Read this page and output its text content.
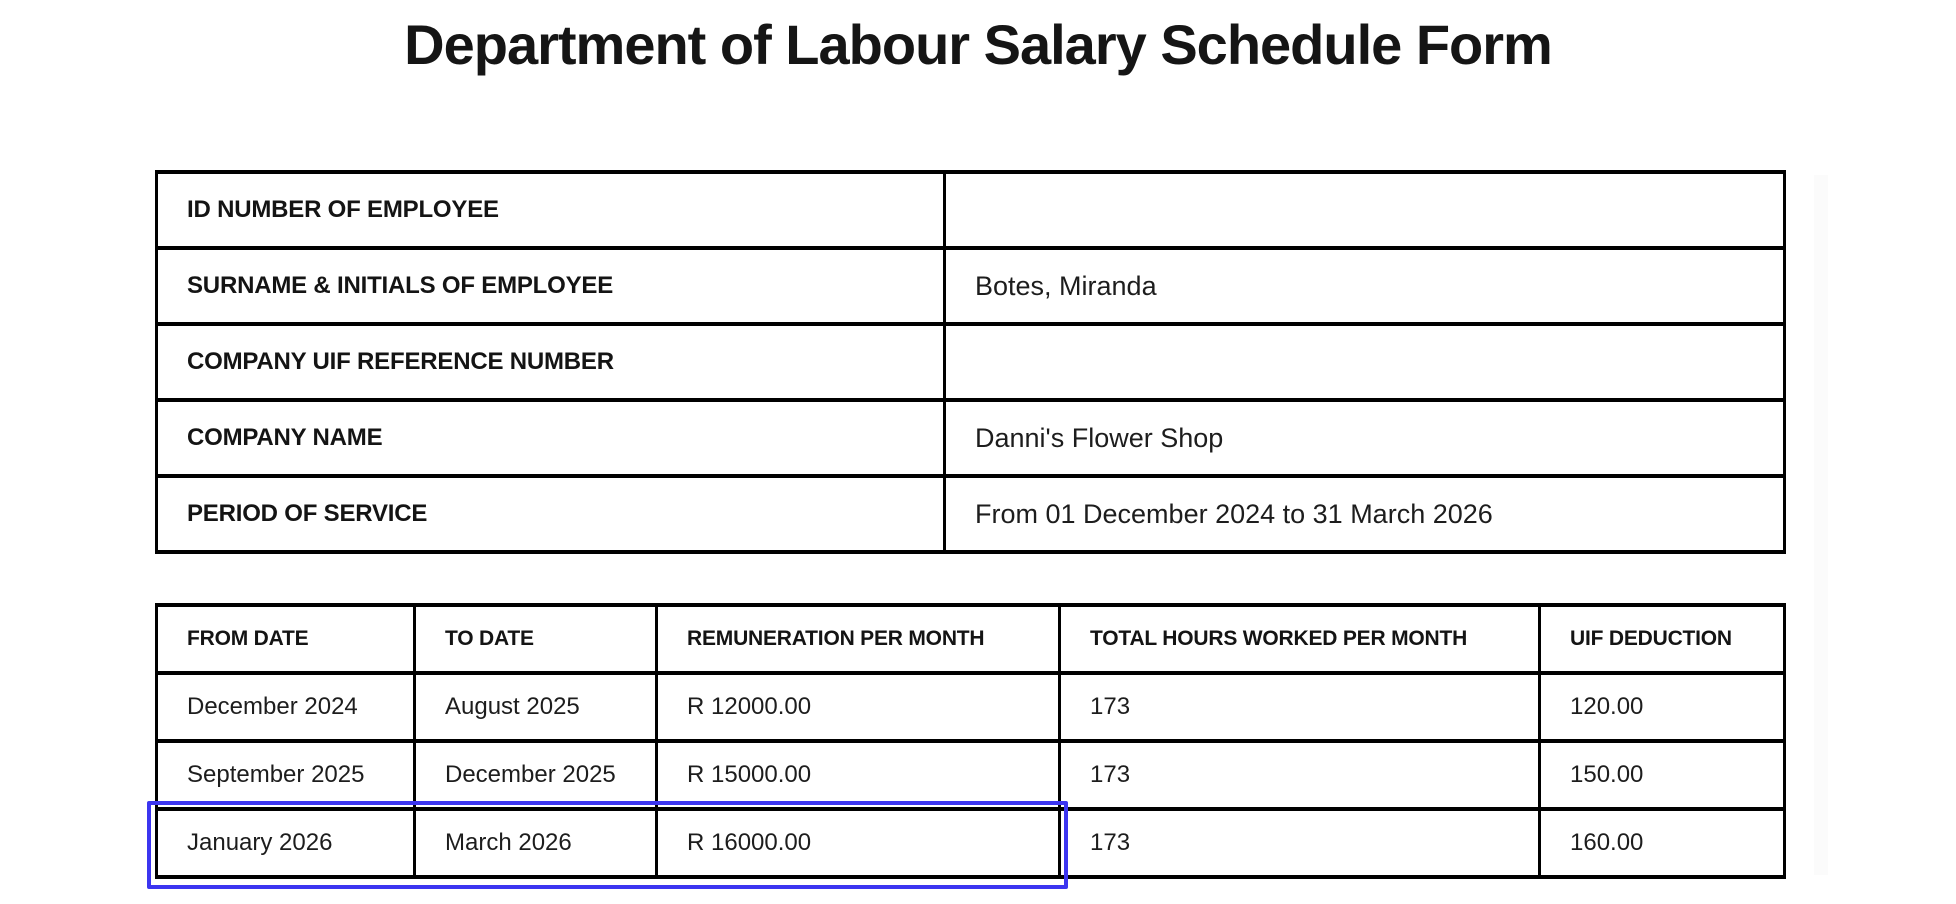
Department of Labour Salary Schedule Form
ID NUMBER OF EMPLOYEE	
SURNAME & INITIALS OF EMPLOYEE	Botes, Miranda
COMPANY UIF REFERENCE NUMBER	
COMPANY NAME	Danni's Flower Shop
PERIOD OF SERVICE	From 01 December 2024 to 31 March 2026
FROM DATE	TO DATE	REMUNERATION PER MONTH	TOTAL HOURS WORKED PER MONTH	UIF DEDUCTION
December 2024	August 2025	R 12000.00	173	120.00
September 2025	December 2025	R 15000.00	173	150.00
January 2026	March 2026	R 16000.00	173	160.00
